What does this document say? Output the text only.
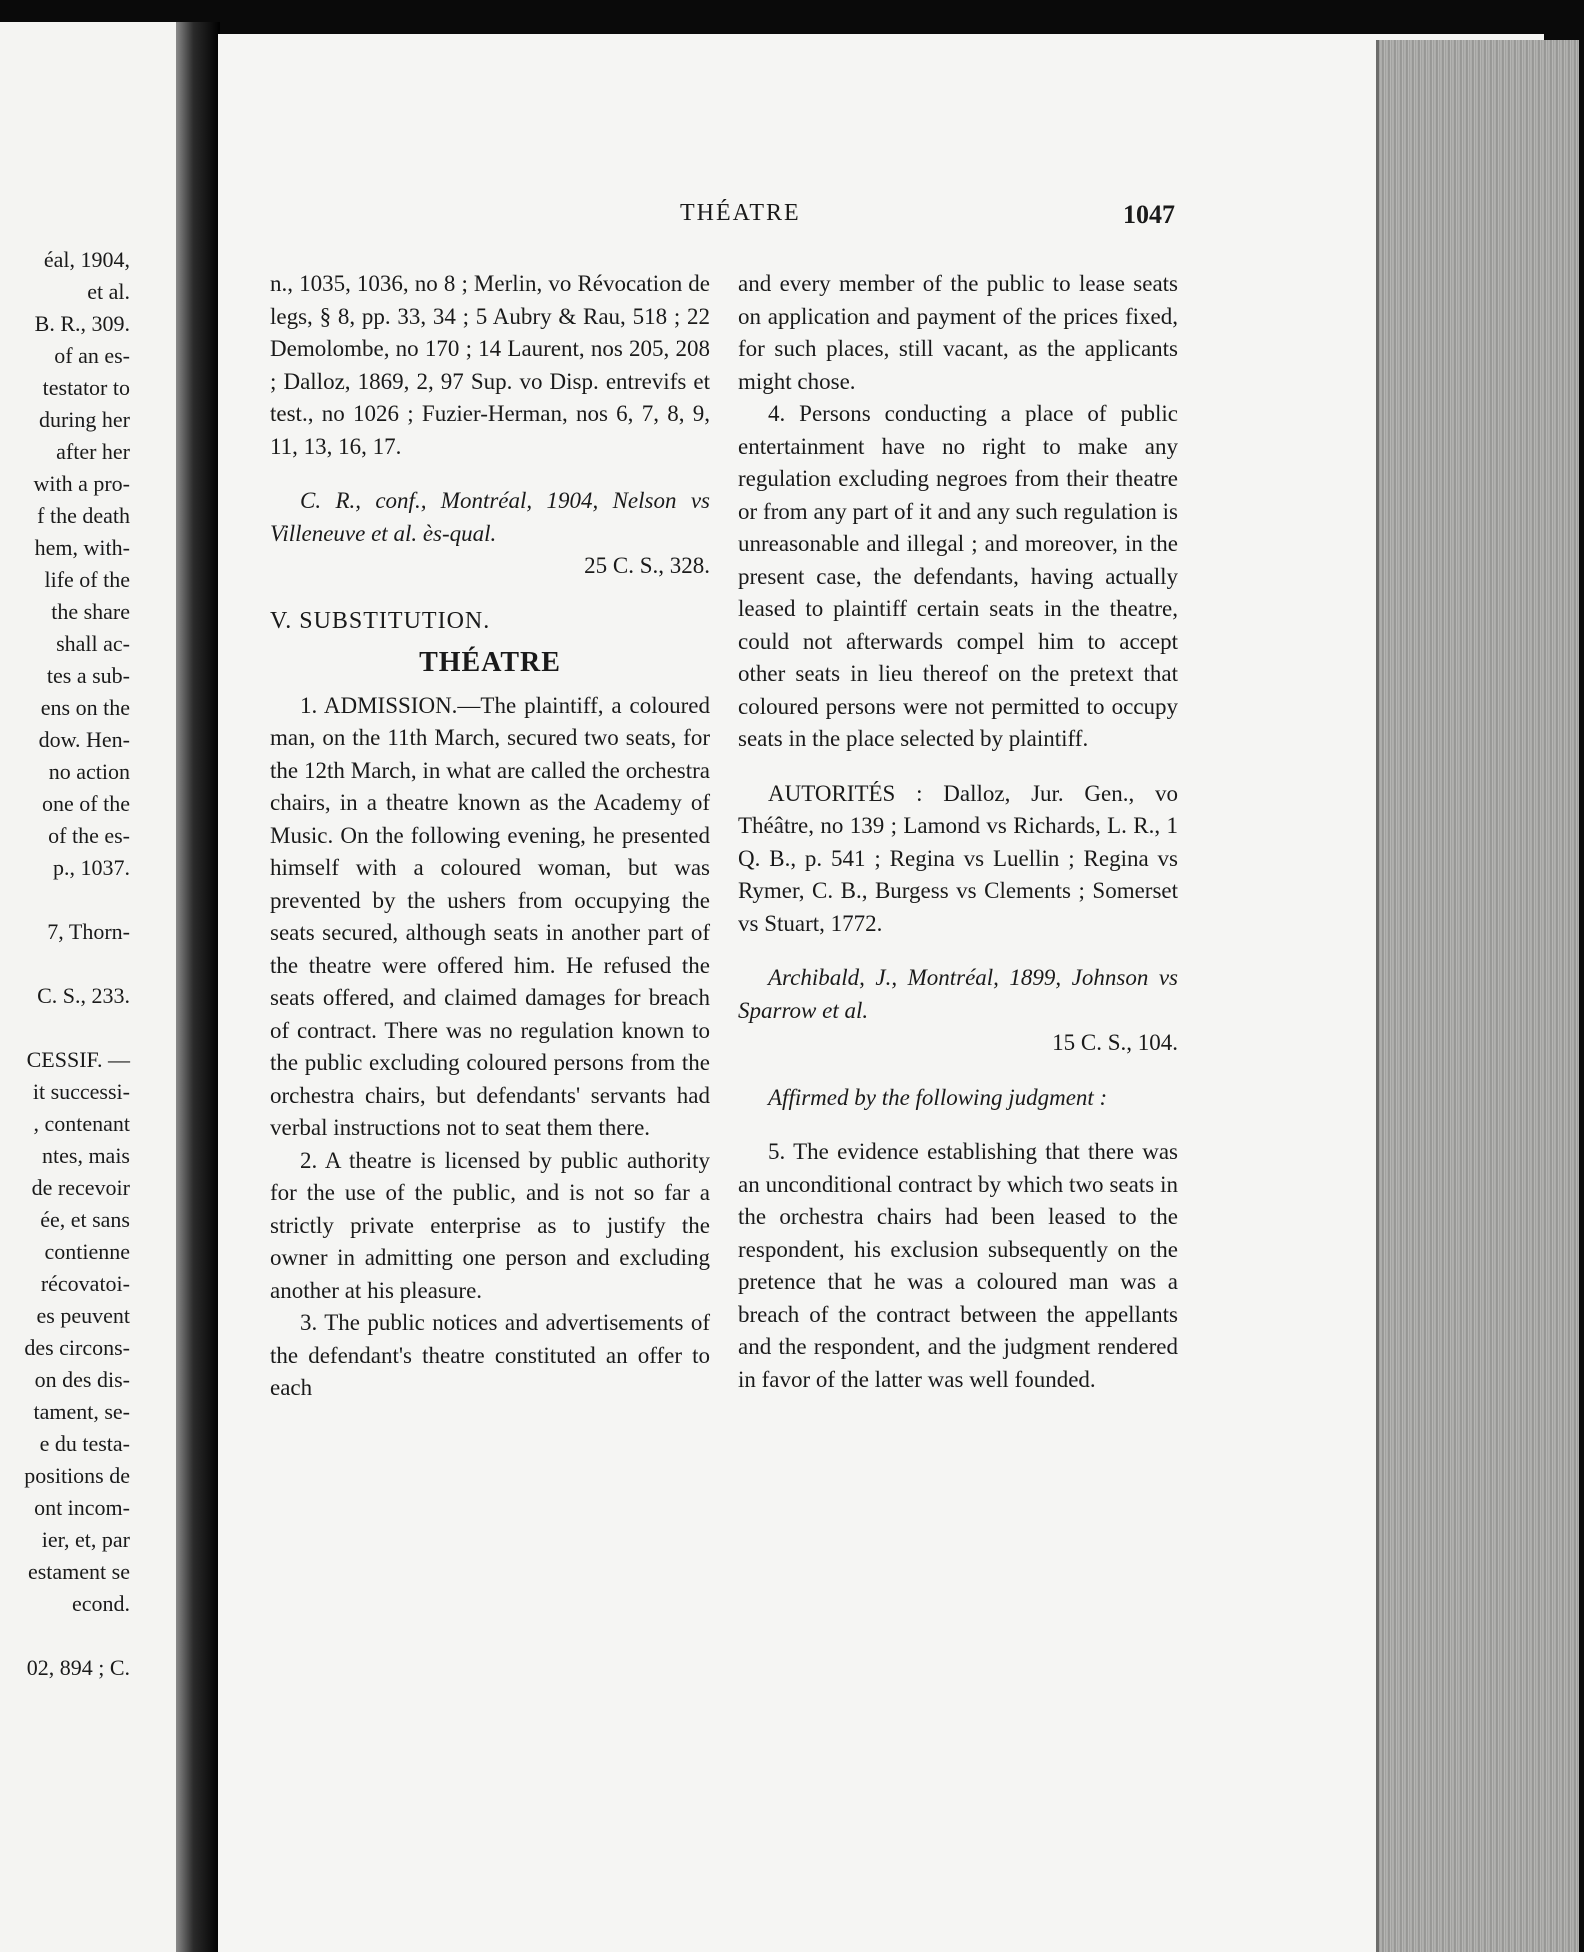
éal, 1904,
et al.
B. R., 309.
of an es-
testator to
during her
after her
with a pro-
f the death
hem, with-
life of the
the share
shall ac-
tes a sub-
ens on the
dow. Hen-
no action
one of the
of the es-
p., 1037.
7, Thorn-
C. S., 233.
CESSIF. —
it successi-
, contenant
ntes, mais
de recevoir
ée, et sans
contienne
récovatoi-
es peuvent
des circons-
on des dis-
tament, se-
e du testa-
positions de
ont incom-
ier, et, par
estament se
econd.
02, 894 ; C.
THÉATRE	1047

n., 1035, 1036, no 8 ; Merlin, vo Révocation de legs, § 8, pp. 33, 34 ; 5 Aubry & Rau, 518 ; 22 Demolombe, no 170 ; 14 Laurent, nos 205, 208 ; Dalloz, 1869, 2, 97 Sup. vo Disp. entrevifs et test., no 1026 ; Fuzier-Herman, nos 6, 7, 8, 9, 11, 13, 16, 17.

C. R., conf., Montréal, 1904, Nelson vs Villeneuve et al. ès-qual.

25 C. S., 328.

V. SUBSTITUTION.

THÉATRE

1. ADMISSION.—The plaintiff, a coloured man, on the 11th March, secured two seats, for the 12th March, in what are called the orchestra chairs, in a theatre known as the Academy of Music. On the following evening, he presented himself with a coloured woman, but was prevented by the ushers from occupying the seats secured, although seats in another part of the theatre were offered him. He refused the seats offered, and claimed damages for breach of contract. There was no regulation known to the public excluding coloured persons from the orchestra chairs, but defendants' servants had verbal instructions not to seat them there.

2. A theatre is licensed by public authority for the use of the public, and is not so far a strictly private enterprise as to justify the owner in admitting one person and excluding another at his pleasure.

3. The public notices and advertisements of the defendant's theatre constituted an offer to each

and every member of the public to lease seats on application and payment of the prices fixed, for such places, still vacant, as the applicants might chose.

4. Persons conducting a place of public entertainment have no right to make any regulation excluding negroes from their theatre or from any part of it and any such regulation is unreasonable and illegal ; and moreover, in the present case, the defendants, having actually leased to plaintiff certain seats in the theatre, could not afterwards compel him to accept other seats in lieu thereof on the pretext that coloured persons were not permitted to occupy seats in the place selected by plaintiff.

AUTORITÉS : Dalloz, Jur. Gen., vo Théâtre, no 139 ; Lamond vs Richards, L. R., 1 Q. B., p. 541 ; Regina vs Luellin ; Regina vs Rymer, C. B., Burgess vs Clements ; Somerset vs Stuart, 1772.

Archibald, J., Montréal, 1899, Johnson vs Sparrow et al.

15 C. S., 104.

Affirmed by the following judgment :

5. The evidence establishing that there was an unconditional contract by which two seats in the orchestra chairs had been leased to the respondent, his exclusion subsequently on the pretence that he was a coloured man was a breach of the contract between the appellants and the respondent, and the judgment rendered in favor of the latter was well founded.
